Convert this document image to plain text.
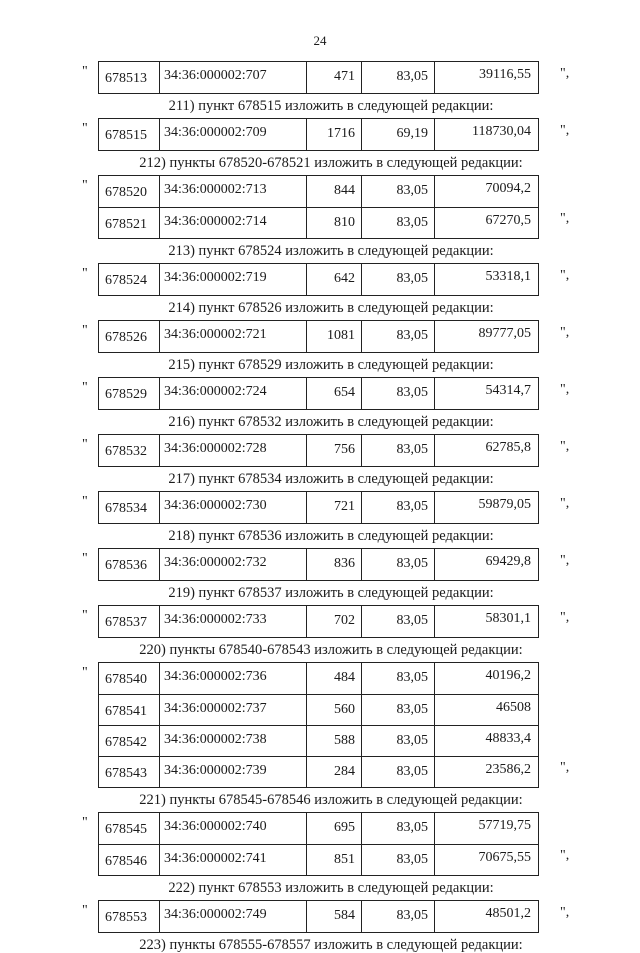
24
678513 34:36:000002:707	471	83,05	39116,55
"	",
211) пункт 678515 изложить в следующей редакции:
678515 34:36:000002:709	1716	69,19	118730,04
"	",
212) пункты 678520-678521 изложить в следующей редакции:
678520 34:36:000002:713	844	83,05	70094,2
678521 34:36:000002:714	810	83,05	67270,5
"
",
213) пункт 678524 изложить в следующей редакции:
678524 34:36:000002:719	642	83,05	53318,1
"	",
214) пункт 678526 изложить в следующей редакции:
678526 34:36:000002:721	1081	83,05	89777,05
"	",
215) пункт 678529 изложить в следующей редакции:
678529 34:36:000002:724	654	83,05	54314,7
"	",
216) пункт 678532 изложить в следующей редакции:
678532 34:36:000002:728	756	83,05	62785,8
"	",
217) пункт 678534 изложить в следующей редакции:
678534 34:36:000002:730	721	83,05	59879,05
"	",
218) пункт 678536 изложить в следующей редакции:
678536 34:36:000002:732	836	83,05	69429,8
"	",
219) пункт 678537 изложить в следующей редакции:
678537 34:36:000002:733	702	83,05	58301,1
"	",
220) пункты 678540-678543 изложить в следующей редакции:
678540 34:36:000002:736	484	83,05	40196,2
678541 34:36:000002:737	560	83,05	46508
678542 34:36:000002:738	588	83,05	48833,4
678543 34:36:000002:739	284	83,05	23586,2
"
",
221) пункты 678545-678546 изложить в следующей редакции:
678545 34:36:000002:740	695	83,05	57719,75
678546 34:36:000002:741	851	83,05	70675,55
"
",
222) пункт 678553 изложить в следующей редакции:
678553 34:36:000002:749	584	83,05	48501,2
"	",
223) пункты 678555-678557 изложить в следующей редакции:
